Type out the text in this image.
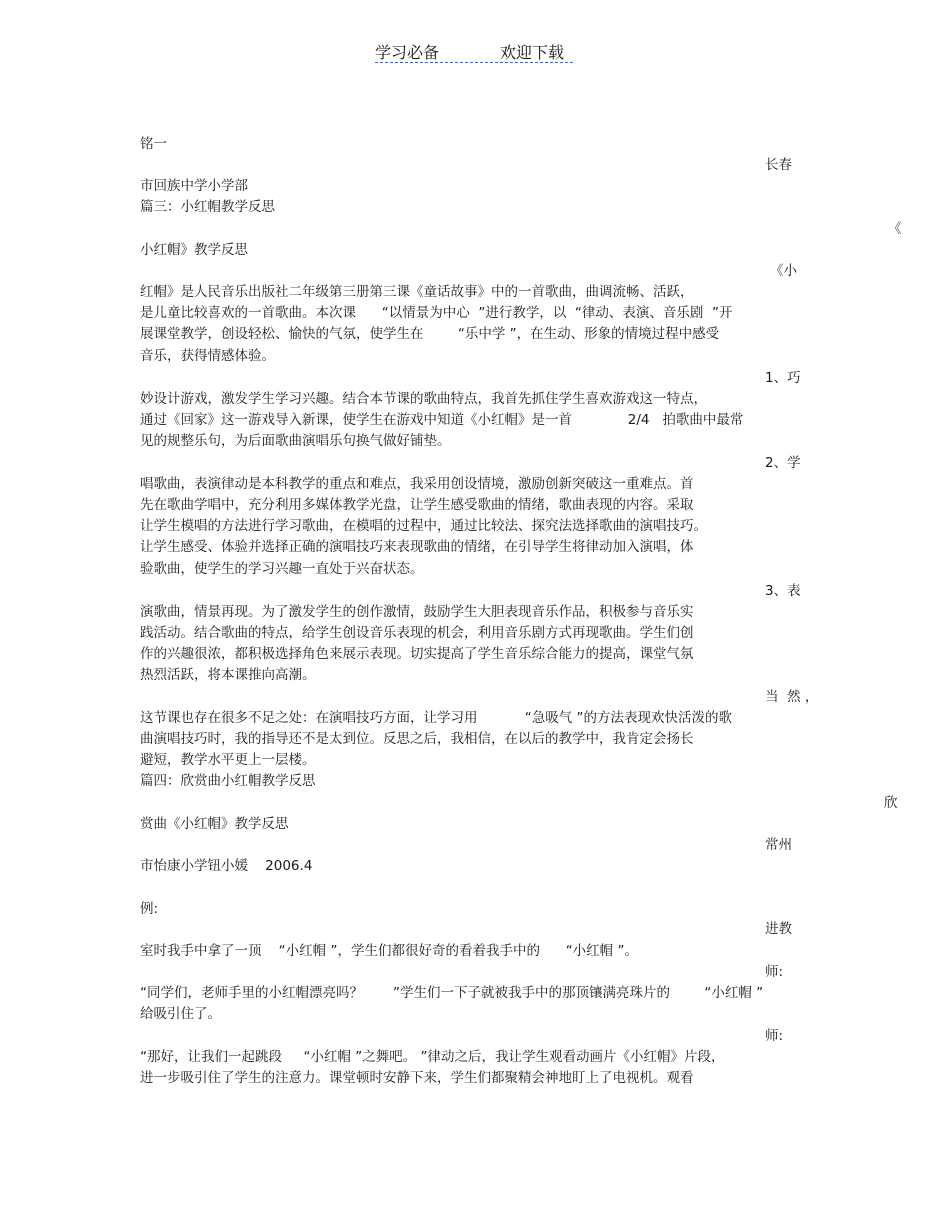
学习必备	欢迎下载
铭一
长春
市回族中学小学部
篇三：小红帽教学反思
《
小红帽》教学反思
《小
红帽》是人民音乐出版社二年级第三册第三课《童话故事》中的一首歌曲，曲调流畅、活跃，
是儿童比较喜欢的一首歌曲。本次课      “以情景为中心  ”进行教学，以  “律动、表演、音乐剧  ”开
展课堂教学，创设轻松、愉快的气氛，使学生在        “乐中学 ”，在生动、形象的情境过程中感受
音乐，获得情感体验。
1、巧
妙设计游戏，激发学生学习兴趣。结合本节课的歌曲特点，我首先抓住学生喜欢游戏这一特点，
通过《回家》这一游戏导入新课，使学生在游戏中知道《小红帽》是一首             2/4   拍歌曲中最常
见的规整乐句，为后面歌曲演唱乐句换气做好铺垫。
2、学
唱歌曲，表演律动是本科教学的重点和难点，我采用创设情境，激励创新突破这一重难点。首
先在歌曲学唱中，充分利用多媒体教学光盘，让学生感受歌曲的情绪，歌曲表现的内容。采取
让学生模唱的方法进行学习歌曲，在模唱的过程中，通过比较法、探究法选择歌曲的演唱技巧。
让学生感受、体验并选择正确的演唱技巧来表现歌曲的情绪，在引导学生将律动加入演唱，体
验歌曲，使学生的学习兴趣一直处于兴奋状态。
3、表
演歌曲，情景再现。为了激发学生的创作激情，鼓励学生大胆表现音乐作品，积极参与音乐实
践活动。结合歌曲的特点，给学生创设音乐表现的机会，利用音乐剧方式再现歌曲。学生们创
作的兴趣很浓，都积极选择角色来展示表现。切实提高了学生音乐综合能力的提高，课堂气氛
热烈活跃，将本课推向高潮。
当  然 ，
这节课也存在很多不足之处：在演唱技巧方面，让学习用           “急吸气 ”的方法表现欢快活泼的歌
曲演唱技巧时，我的指导还不是太到位。反思之后，我相信，在以后的教学中，我肯定会扬长
避短，教学水平更上一层楼。
篇四：欣赏曲小红帽教学反思
欣
赏曲《小红帽》教学反思
常州
市怡康小学钮小媛    2006.4
例:
进教
室时我手中拿了一顶    “小红帽 ”，学生们都很好奇的看着我手中的      “小红帽 ”。
师:
“同学们，老师手里的小红帽漂亮吗？       ”学生们一下子就被我手中的那顶镶满亮珠片的        “小红帽 ”
给吸引住了。
师:
“那好，让我们一起跳段     “小红帽 ”之舞吧。 ”律动之后，我让学生观看动画片《小红帽》片段，
进一步吸引住了学生的注意力。课堂顿时安静下来，学生们都聚精会神地盯上了电视机。观看
